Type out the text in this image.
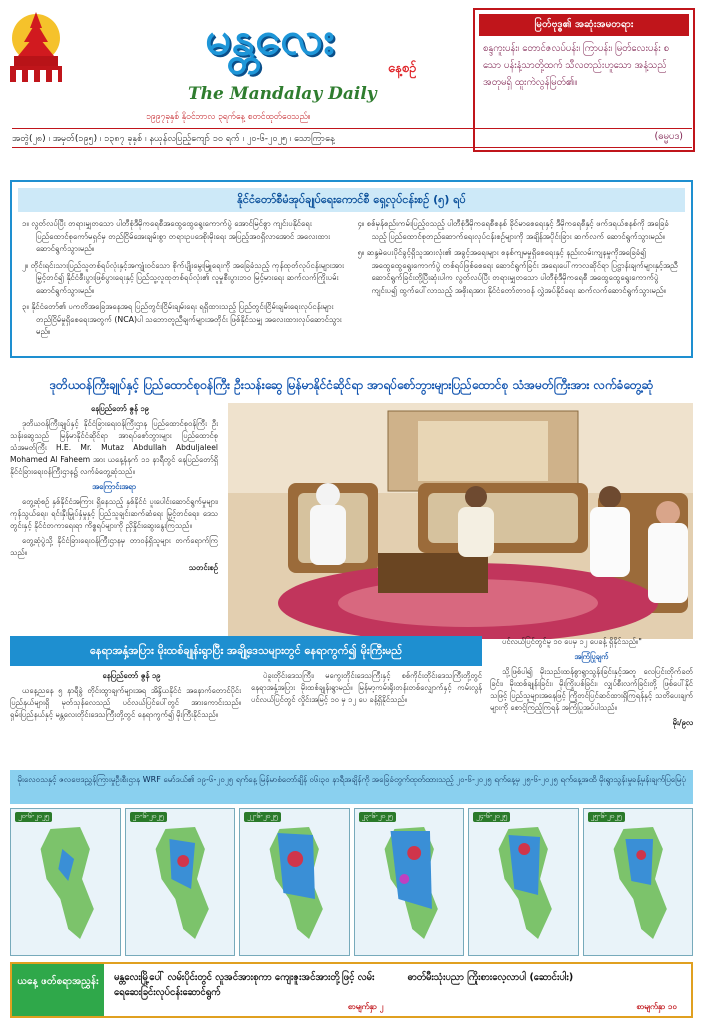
မန္တလေး
နေ့စဉ်
The Mandalay Daily
၁၉၉၇ခုနှစ် နိုဝင်ဘာလ ၃ရက်နေ့ စတင်ထုတ်ဝေသည်။
မြတ်ဗုဒ္ဓ၏ အဆုံးအမတရား
စန္ဒကူးပန်း၊ တောင်ဇလပ်ပန်း၊ ကြာပန်း၊ မြတ်လေးပန်း စသော ပန်းနံ့သာတို့ထက် သီလတည်းဟူသော အနံ့သည် အတုမရှိ ထူးကဲလွန်မြတ်၏။
(ဓမ္မပဒ)
အတွဲ(၂၈) ၊ အမှတ်(၁၉၅) ၊ ၁၃၈၇ ခုနှစ် ၊ နယုန်လပြည့်ကျော် ၁၀ ရက် ၊ ၂၀-၆-၂၀၂၅ ၊ သောကြာနေ့
နိုင်ငံတော်စီမံအုပ်ချုပ်ရေးကောင်စီ ရှေ့လုပ်ငန်းစဉ် (၅) ရပ်

၁။ လွတ်လပ်ပြီး တရားမျှတသော ပါတီစုံဒီမိုကရေစီအထွေထွေရွေးကောက်ပွဲ အောင်မြင်စွာ ကျင်းပနိုင်ရေးပြည်ထောင်စုကော်မရှင်မှ တည်ငြိမ်အေးချမ်းစွာ တရားဥပဒေစိုးမိုးရေး အပြည့်အဝရှိလာအောင် အလေးထားဆောင်ရွက်သွားမည်။

၂။ တိုင်းရင်းသားပြည်သူတစ်ရပ်လုံးနှင့်အကျုံးဝင်သော စိုက်ပျိုးမွေးမြူရေးကို အခြေခံသည့် ကုန်ထုတ်လုပ်ငန်းများအား မြှင့်တင်၍ နိုင်ငံစီးပွားဖြစ်ပွားရေးနှင့် ပြည်သူ့လူထုတစ်ရပ်လုံး၏ လူမှုစီးပွားဘဝ မြင့်မားရေး ဆက်လက်ကြိုးပမ်းဆောင်ရွက်သွားမည်။

၃။ နိုင်ငံတော်၏ ပကတိအခြေအနေအရ ပြည်တွင်းငြိမ်းချမ်းရေး ရရှိထားသည့် ပြည်တွင်းငြိမ်းချမ်းရေးလုပ်ငန်းများ တည်ငြိမ်မှုရှိစေရေးအတွက် (NCA)ပါ သဘောတူညီချက်များအတိုင်း ဖြစ်နိုင်သမျှ အလေးထားလုပ်ဆောင်သွားမည်။

၄။ စစ်မှန်စည်းကမ်းပြည့်ဝသည့် ပါတီစုံဒီမိုကရေစီစနစ် ခိုင်မာစေရေးနှင့် ဒီမိုကရေစီနှင့် ဖက်ဒရယ်စနစ်ကို အခြေခံသည့် ပြည်ထောင်စုတည်ဆောက်ရေးလုပ်ငန်းစဉ်များကို အချိန်အပိုင်းခြား ဆက်လက် ဆောင်ရွက်သွားမည်။

၅။ ဆန္ဒမဲပေးပိုင်ခွင့်ရှိသူအားလုံး၏ အခွင့်အရေးများ စနစ်ကျမမှုရှိစေရေးနှင့် နည်းလမ်းကျနမှုကိုအခြေခံ၍ အထွေထွေရွေးကောက်ပွဲ တစ်ရပ်ဖြစ်စေရေး ဆောင်ရွက်ခြင်း အရေးပေါ်ကာလဆိုင်ရာ ပြဋ္ဌာန်းချက်များနှင့်အညီ ဆောင်ရွက်ခြင်းတို့ပြီးဆုံးပါက လွတ်လပ်ပြီး တရားမျှတသော ပါတီစုံဒီမိုကရေစီ အထွေထွေရွေးကောက်ပွဲကျင်းပ၍ ထွက်ပေါ်လာသည့် အစိုးရအား နိုင်ငံတော်တာဝန် လွှဲအပ်နိုင်ရေး ဆက်လက်ဆောင်ရွက်သွားမည်။

ဒုတိယဝန်ကြီးချုပ်နှင့် ပြည်ထောင်စုဝန်ကြီး ဦးသန်းဆွေ မြန်မာနိုင်ငံဆိုင်ရာ အာရပ်စော်ဘွားများပြည်ထောင်စု သံအမတ်ကြီးအား လက်ခံတွေ့ဆုံ

နေပြည်တော် ဇွန် ၁၉

ဒုတိယဝန်ကြီးချုပ်နှင့် နိုင်ငံခြားရေးဝန်ကြီးဌာန ပြည်ထောင်စုဝန်ကြီး ဦးသန်းဆွေသည် မြန်မာနိုင်ငံဆိုင်ရာ အာရပ်စော်ဘွားများ ပြည်ထောင်စု သံအမတ်ကြီး H.E. Mr. Mutaz Abdullah Abduljaleel Mohamed Al Faheem အား ယနေ့နံနက် ၁၁ နာရီတွင် နေပြည်တော်ရှိ နိုင်ငံခြားရေးဝန်ကြီးဌာန၌ လက်ခံတွေ့ဆုံသည်။

အကြောင်းအရာ

တွေ့ဆုံစဉ် နှစ်နိုင်ငံအကြား ရှိနေသည့် နှစ်နိုင်ငံ ပူးပေါင်းဆောင်ရွက်မှုများ၊ ကုန်သွယ်ရေး၊ ရင်းနှီးမြှုပ်နှံမှုနှင့် ပြည်သူချင်းဆက်ဆံရေး မြှင့်တင်ရေး၊ ဒေသတွင်းနှင့် နိုင်ငံတကာရေးရာ ကိစ္စရပ်များကို ညှိနှိုင်းဆွေးနွေးကြသည်။

တွေ့ဆုံပွဲသို့ နိုင်ငံခြားရေးဝန်ကြီးဌာနမှ တာဝန်ရှိသူများ တက်ရောက်ကြသည်။

သတင်းစဉ်

နေရာအနှံ့အပြား မိုးထစ်ချုန်းရွာပြီး အချို့ဒေသများတွင် နေရာကွက်၍ မိုးကြီးမည်

နေပြည်တော် ဇွန် ၁၉

ယနေ့ညနေ ၅ နာရီခွဲ တိုင်းထွာချက်များအရ အိန္ဒိယနိုင်ငံ အနောက်တောင်ပိုင်းပြည်နယ်များရှိ မုတ်သုန်လေသည် ပင်လယ်ပြင်ပေါ်တွင် အားကောင်းသည်။ ရှမ်းပြည်နယ်နှင့် မန္တလေးတိုင်းဒေသကြီးတို့တွင် နေရာကွက်၍ မိုးကြီးနိုင်သည်။

ပဲခူးတိုင်းဒေသကြီး၊ မကွေးတိုင်းဒေသကြီးနှင့် စစ်ကိုင်းတိုင်းဒေသကြီးတို့တွင် နေရာအနှံ့အပြား မိုးထစ်ချုန်းရွာမည်။ မြန်မာ့ကမ်းရိုးတန်းတစ်လျှောက်နှင့် ကမ်းလွန်ပင်လယ်ပြင်တွင် လှိုင်းအမြင့် ၁၀ မှ ၁၂ ပေ ခန့်ရှိနိုင်သည်။

ပင်လယ်ပြင်တွင်မူ ၁၀ ပေမှ ၁၂ ပေခန့် ရှိနိုင်သည်။"

အကြံပြုချက်

သို့ဖြစ်ပါ၍ မိုးသည်းထန်စွာရွာသွန်းခြင်းနှင့်အတူ လေပြင်းတိုက်ခတ်ခြင်း၊ မိုးထစ်ချုန်းခြင်း၊ မိုးကြိုးပစ်ခြင်း၊ လျှပ်စီးလက်ခြင်းတို့ ဖြစ်ပေါ်နိုင်သဖြင့် ပြည်သူများအနေဖြင့် ကြိုတင်ပြင်ဆင်ထားရှိကြရန်နှင့် သတိပေးချက်များကို စောင့်ကြည့်ကြရန် အကြံပြုအပ်ပါသည်။

မိုး/၉လ

မိုးလေဝသနှင့် ဇလဗေဒညွှန်ကြားမှုဦးစီးဌာန WRF မော်ဒယ်၏ ၁၉-၆-၂၀၂၅ ရက်နေ့ မြန်မာစံတော်ချိန် ၀၆း၃၀ နာရီအချိန်ကို အခြေခံတွက်ထုတ်ထားသည့် ၂၀-၆-၂၀၂၅ ရက်နေ့မှ ၂၅-၆-၂၀၂၅ ရက်နေ့အထိ မိုးရွာသွန်းမှုခန့်မှန်းချက်ပြမြေပုံ
၂၀-၆-၂၀၂၅	၂၁-၆-၂၀၂၅	၂၂-၆-၂၀၂၅	၂၃-၆-၂၀၂၅	၂၄-၆-၂၀၂၅	၂၅-၆-၂၀၂၅
ယနေ့ ဖတ်စရာအညွှန်း	မန္တလေးမြို့ပေါ် လမ်းပိုင်းတွင် လူအင်အားစုကာ ကျေးဇူးအင်အားတို့ဖြင့် လမ်းရေဆေးခြင်းလုပ်ငန်းဆောင်ရွက်
စာမျက်နှာ ၂
ဓာတ်မီးသုံးပညာ ကြိုးစားလေ့လာပါ (ဆောင်းပါး)
စာမျက်နှာ ၁၀
